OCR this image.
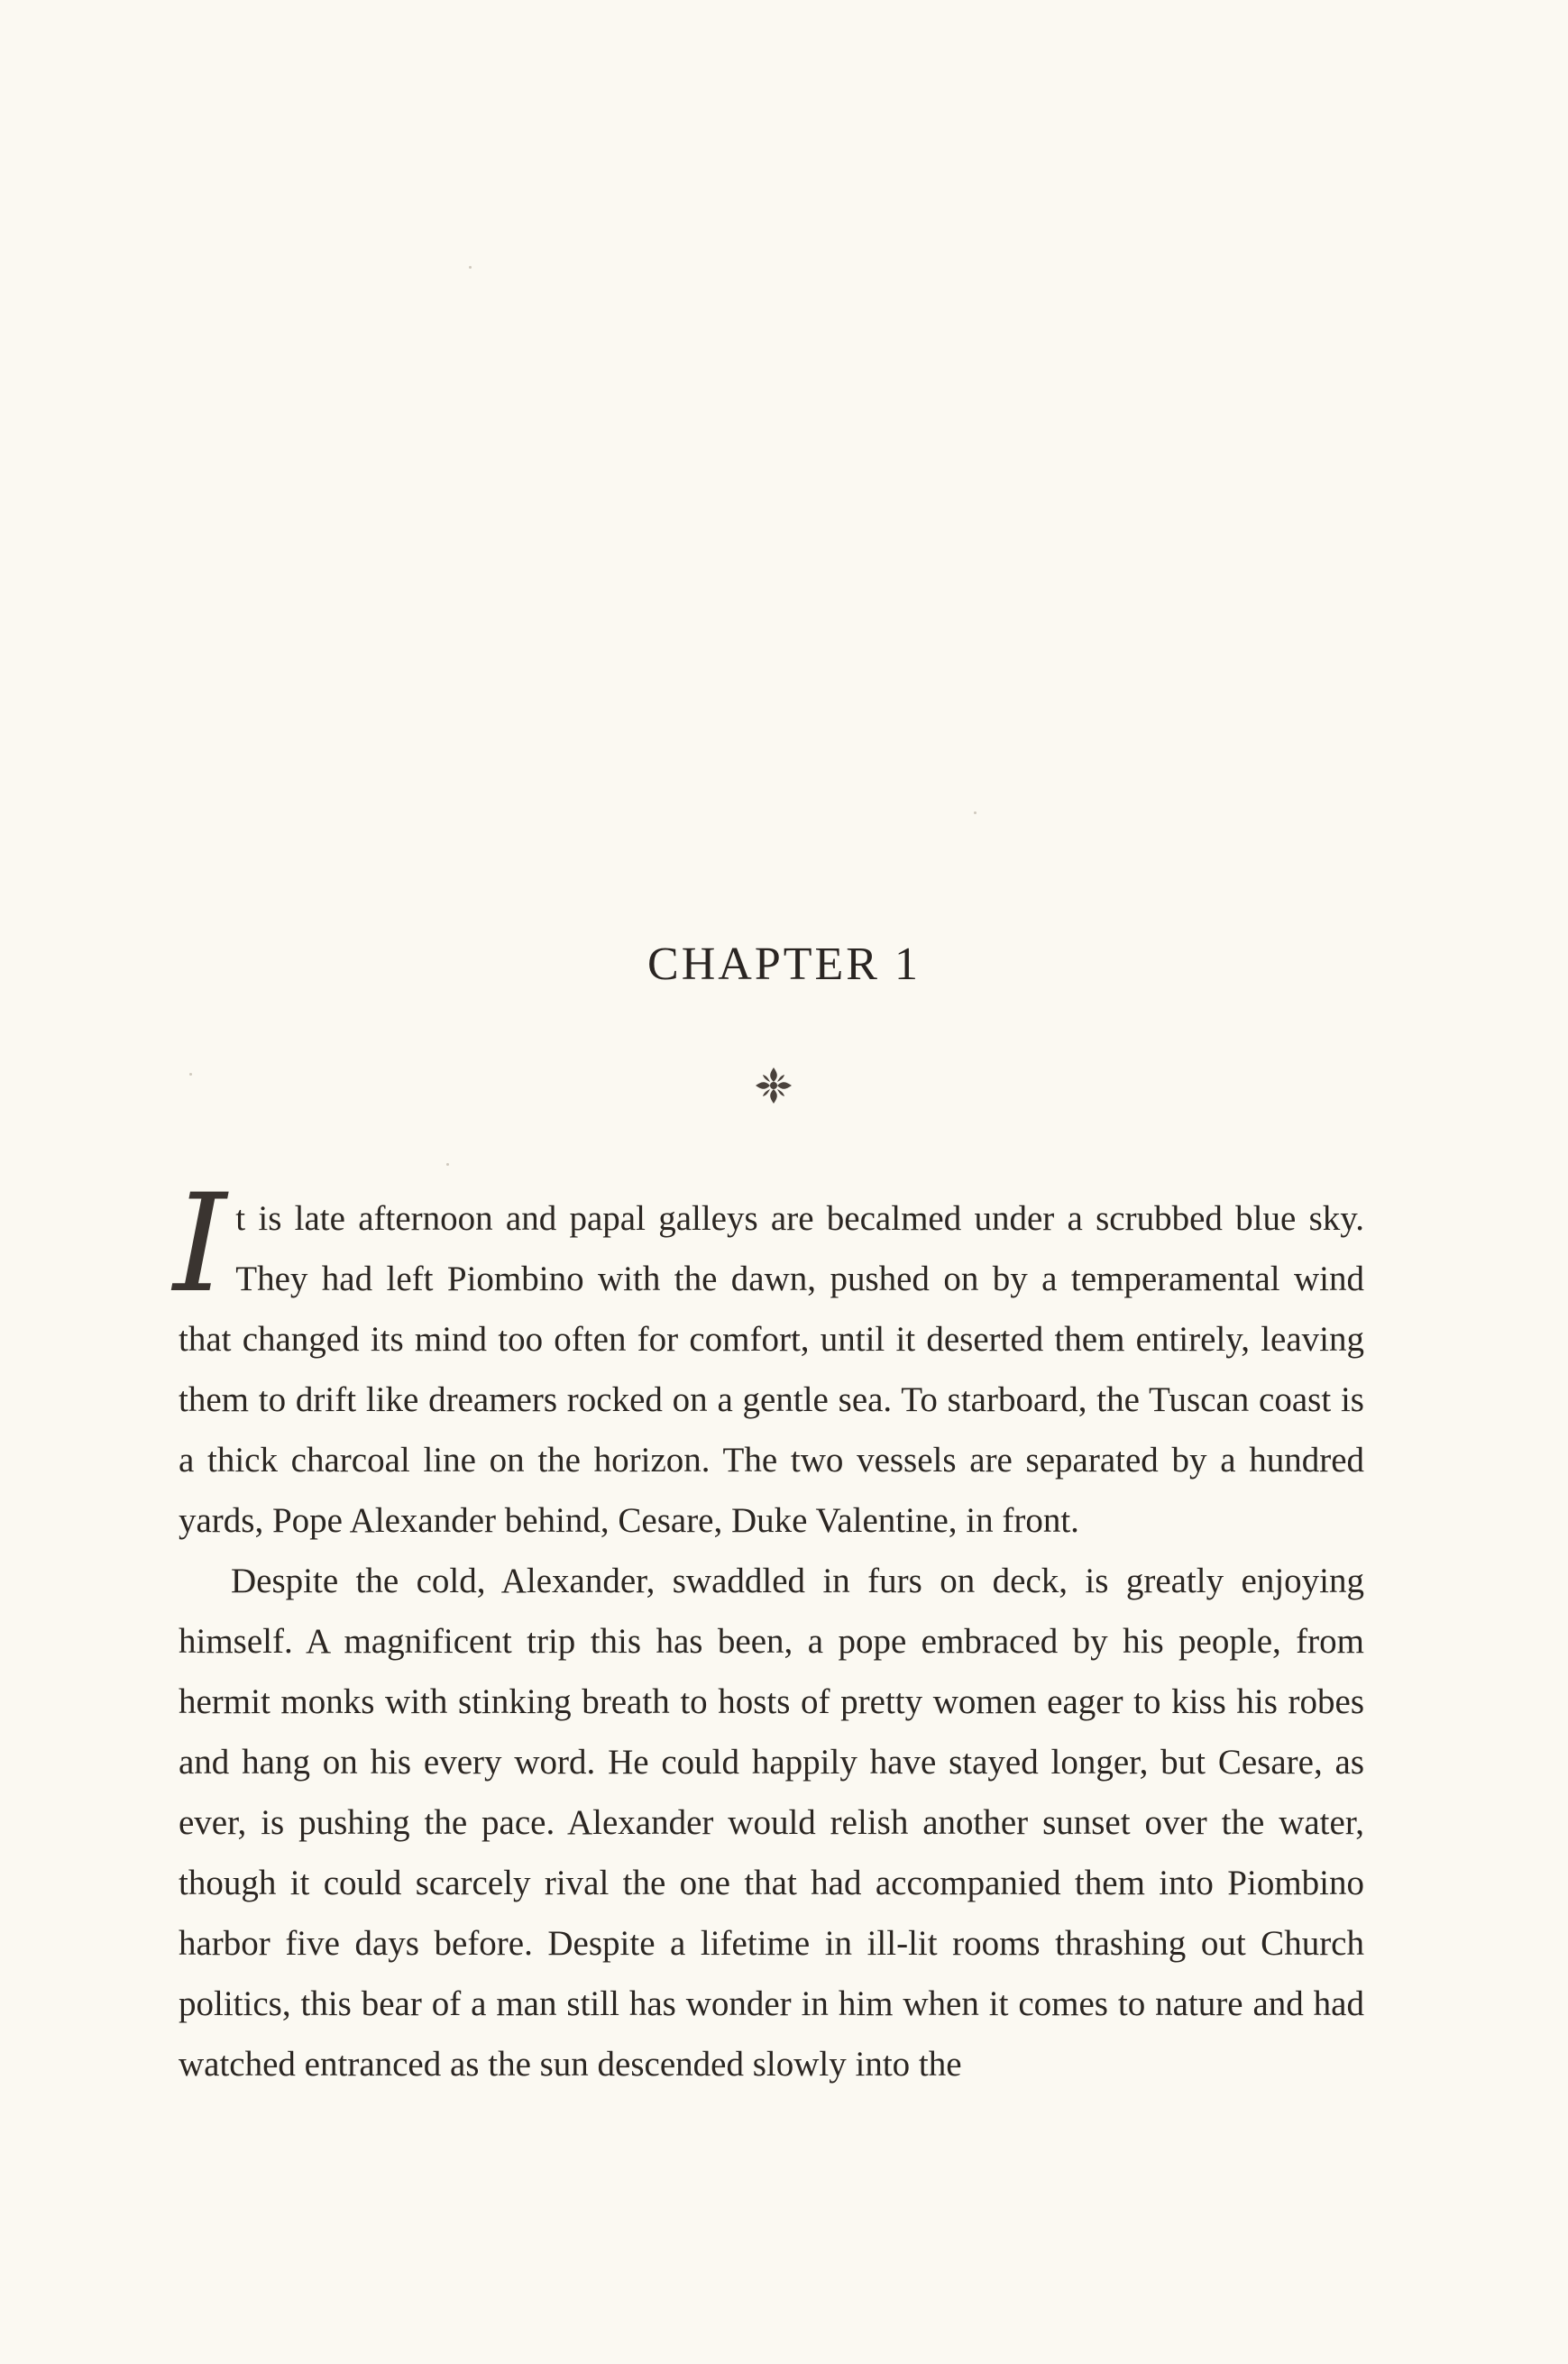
CHAPTER 1

It is late afternoon and papal galleys are becalmed under a scrubbed blue sky. They had left Piombino with the dawn, pushed on by a temperamental wind that changed its mind too often for comfort, until it deserted them entirely, leaving them to drift like dreamers rocked on a gentle sea. To starboard, the Tuscan coast is a thick charcoal line on the horizon. The two vessels are separated by a hundred yards, Pope Alexander behind, Cesare, Duke Valentine, in front.

Despite the cold, Alexander, swaddled in furs on deck, is greatly enjoying himself. A magnificent trip this has been, a pope embraced by his people, from hermit monks with stinking breath to hosts of pretty women eager to kiss his robes and hang on his every word. He could happily have stayed longer, but Cesare, as ever, is pushing the pace. Alexander would relish another sunset over the water, though it could scarcely rival the one that had accompanied them into Piombino harbor five days before. Despite a lifetime in ill-lit rooms thrashing out Church politics, this bear of a man still has wonder in him when it comes to nature and had watched entranced as the sun descended slowly into the
